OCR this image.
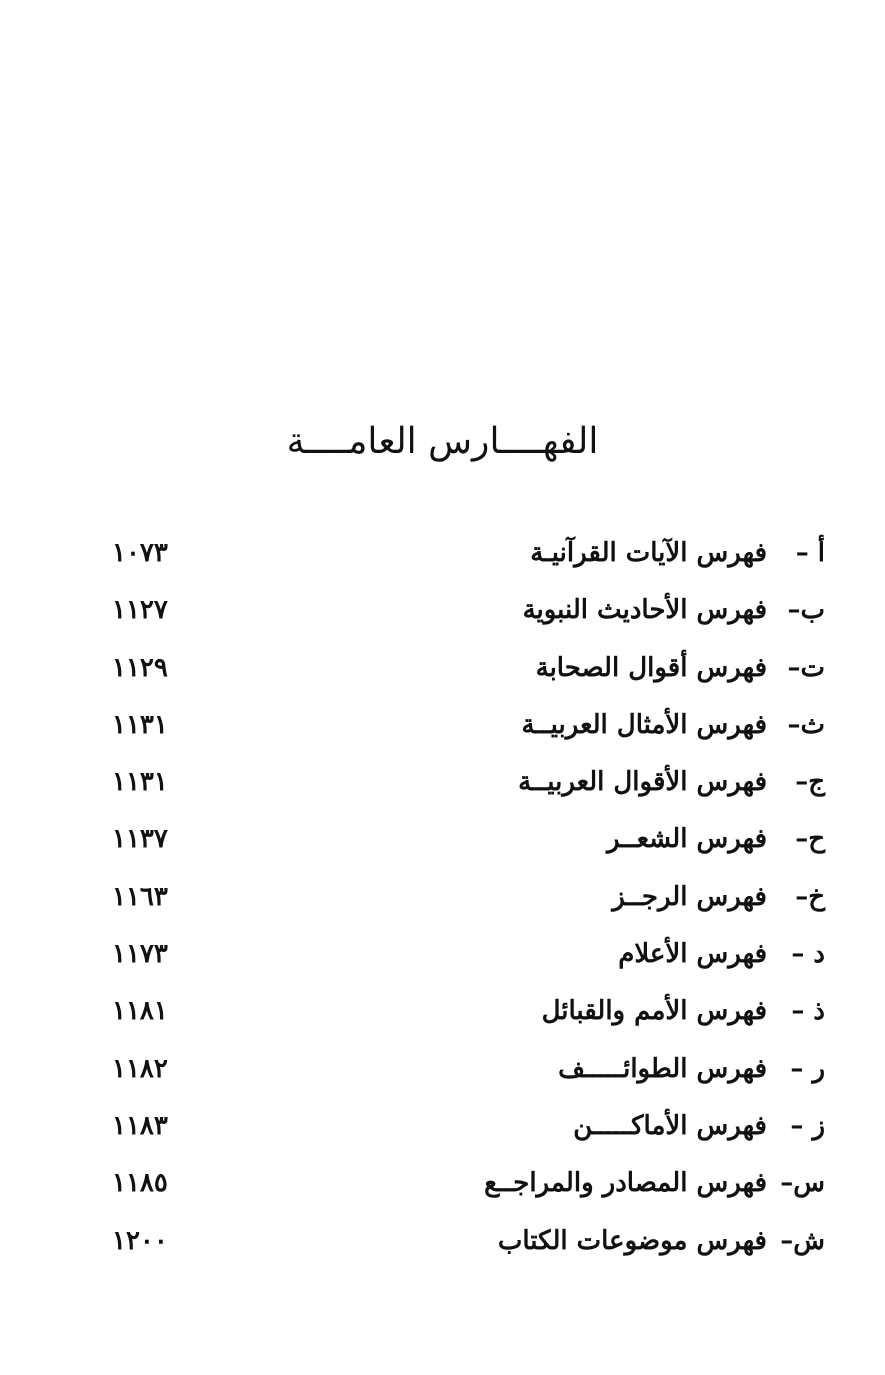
الفهــــارس العامــــة
أ –فهرس الآيات القرآنيـة
١٠٧٣
ب–فهرس الأحاديث النبوية
١١٢٧
ت–فهرس أقوال الصحابة
١١٢٩
ث–فهرس الأمثال العربيــة
١١٣١
ج–فهرس الأقوال العربيــة
١١٣١
ح–فهرس الشعــر
١١٣٧
خ–فهرس الرجــز
١١٦٣
د –فهرس الأعلام
١١٧٣
ذ –فهرس الأمم والقبائل
١١٨١
ر –فهرس الطوائـــــف
١١٨٢
ز –فهرس الأماكـــــن
١١٨٣
س–فهرس المصادر والمراجــع
١١٨٥
ش–فهرس موضوعات الكتاب
١٢٠٠
